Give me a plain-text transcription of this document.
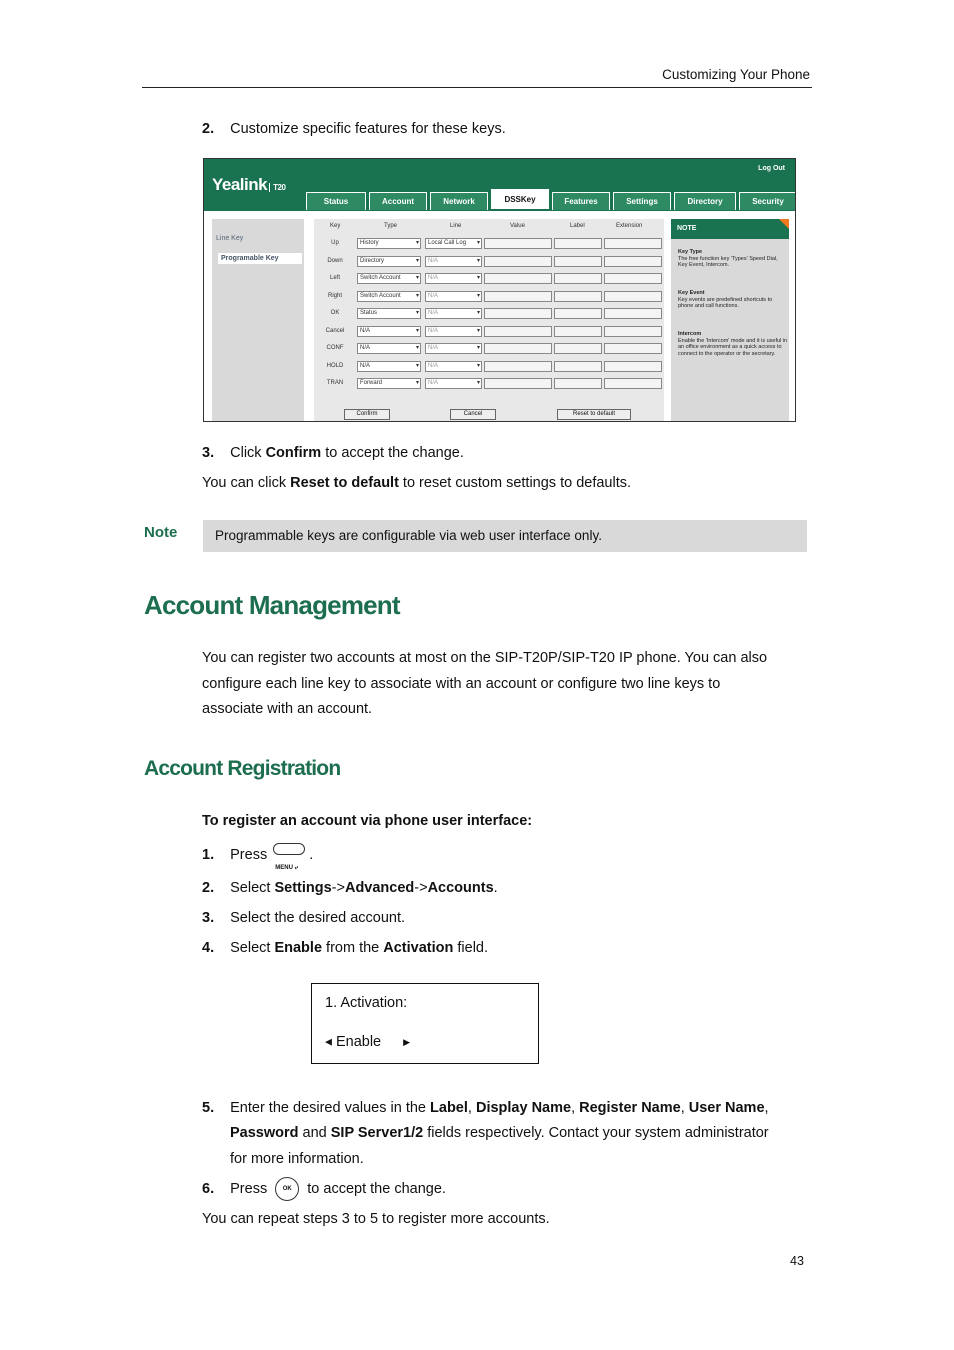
Customizing Your Phone
2. Customize specific features for these keys.
Yealink T20
Log Out
Status	Account	Network	DSSKey	Features	Settings	Directory	Security
Line Key
Programable Key
Key	Type	Line	Value	Label	Extension
Confirm	Cancel	Reset to default
Up	History ▾	Local Call Log ▾
Down	Directory ▾	N/A ▾
Left	Switch Account ▾	N/A ▾
Right	Switch Account ▾	N/A ▾
OK	Status ▾	N/A ▾
Cancel	N/A ▾	N/A ▾
CONF	N/A ▾	N/A ▾
HOLD	N/A ▾	N/A ▾
TRAN	Forward ▾	N/A ▾
NOTE
Key Type
The free function key 'Types' Speed Dial, Key Event, Intercom.
Key Event
Key events are predefined shortcuts to phone and call functions.
Intercom
Enable the 'Intercom' mode and it is useful in an office environment as a quick access to connect to the operator or the secretary.
3. Click Confirm to accept the change.
You can click Reset to default to reset custom settings to defaults.
Note	Programmable keys are configurable via web user interface only.
Account Management
You can register two accounts at most on the SIP-T20P/SIP-T20 IP phone. You can also
configure each line key to associate with an account or configure two line keys to
associate with an account.
Account Registration
To register an account via phone user interface:
1. Press
MENU ⤶
.
2. Select Settings->Advanced->Accounts.
3. Select the desired account.
4. Select Enable from the Activation field.
1. Activation:
◀ Enable ▶
5. Enter the desired values in the Label, Display Name, Register Name, User Name,
Password and SIP Server1/2 fields respectively. Contact your system administrator
for more information.
6. Press	OK to accept the change.
You can repeat steps 3 to 5 to register more accounts.
43
